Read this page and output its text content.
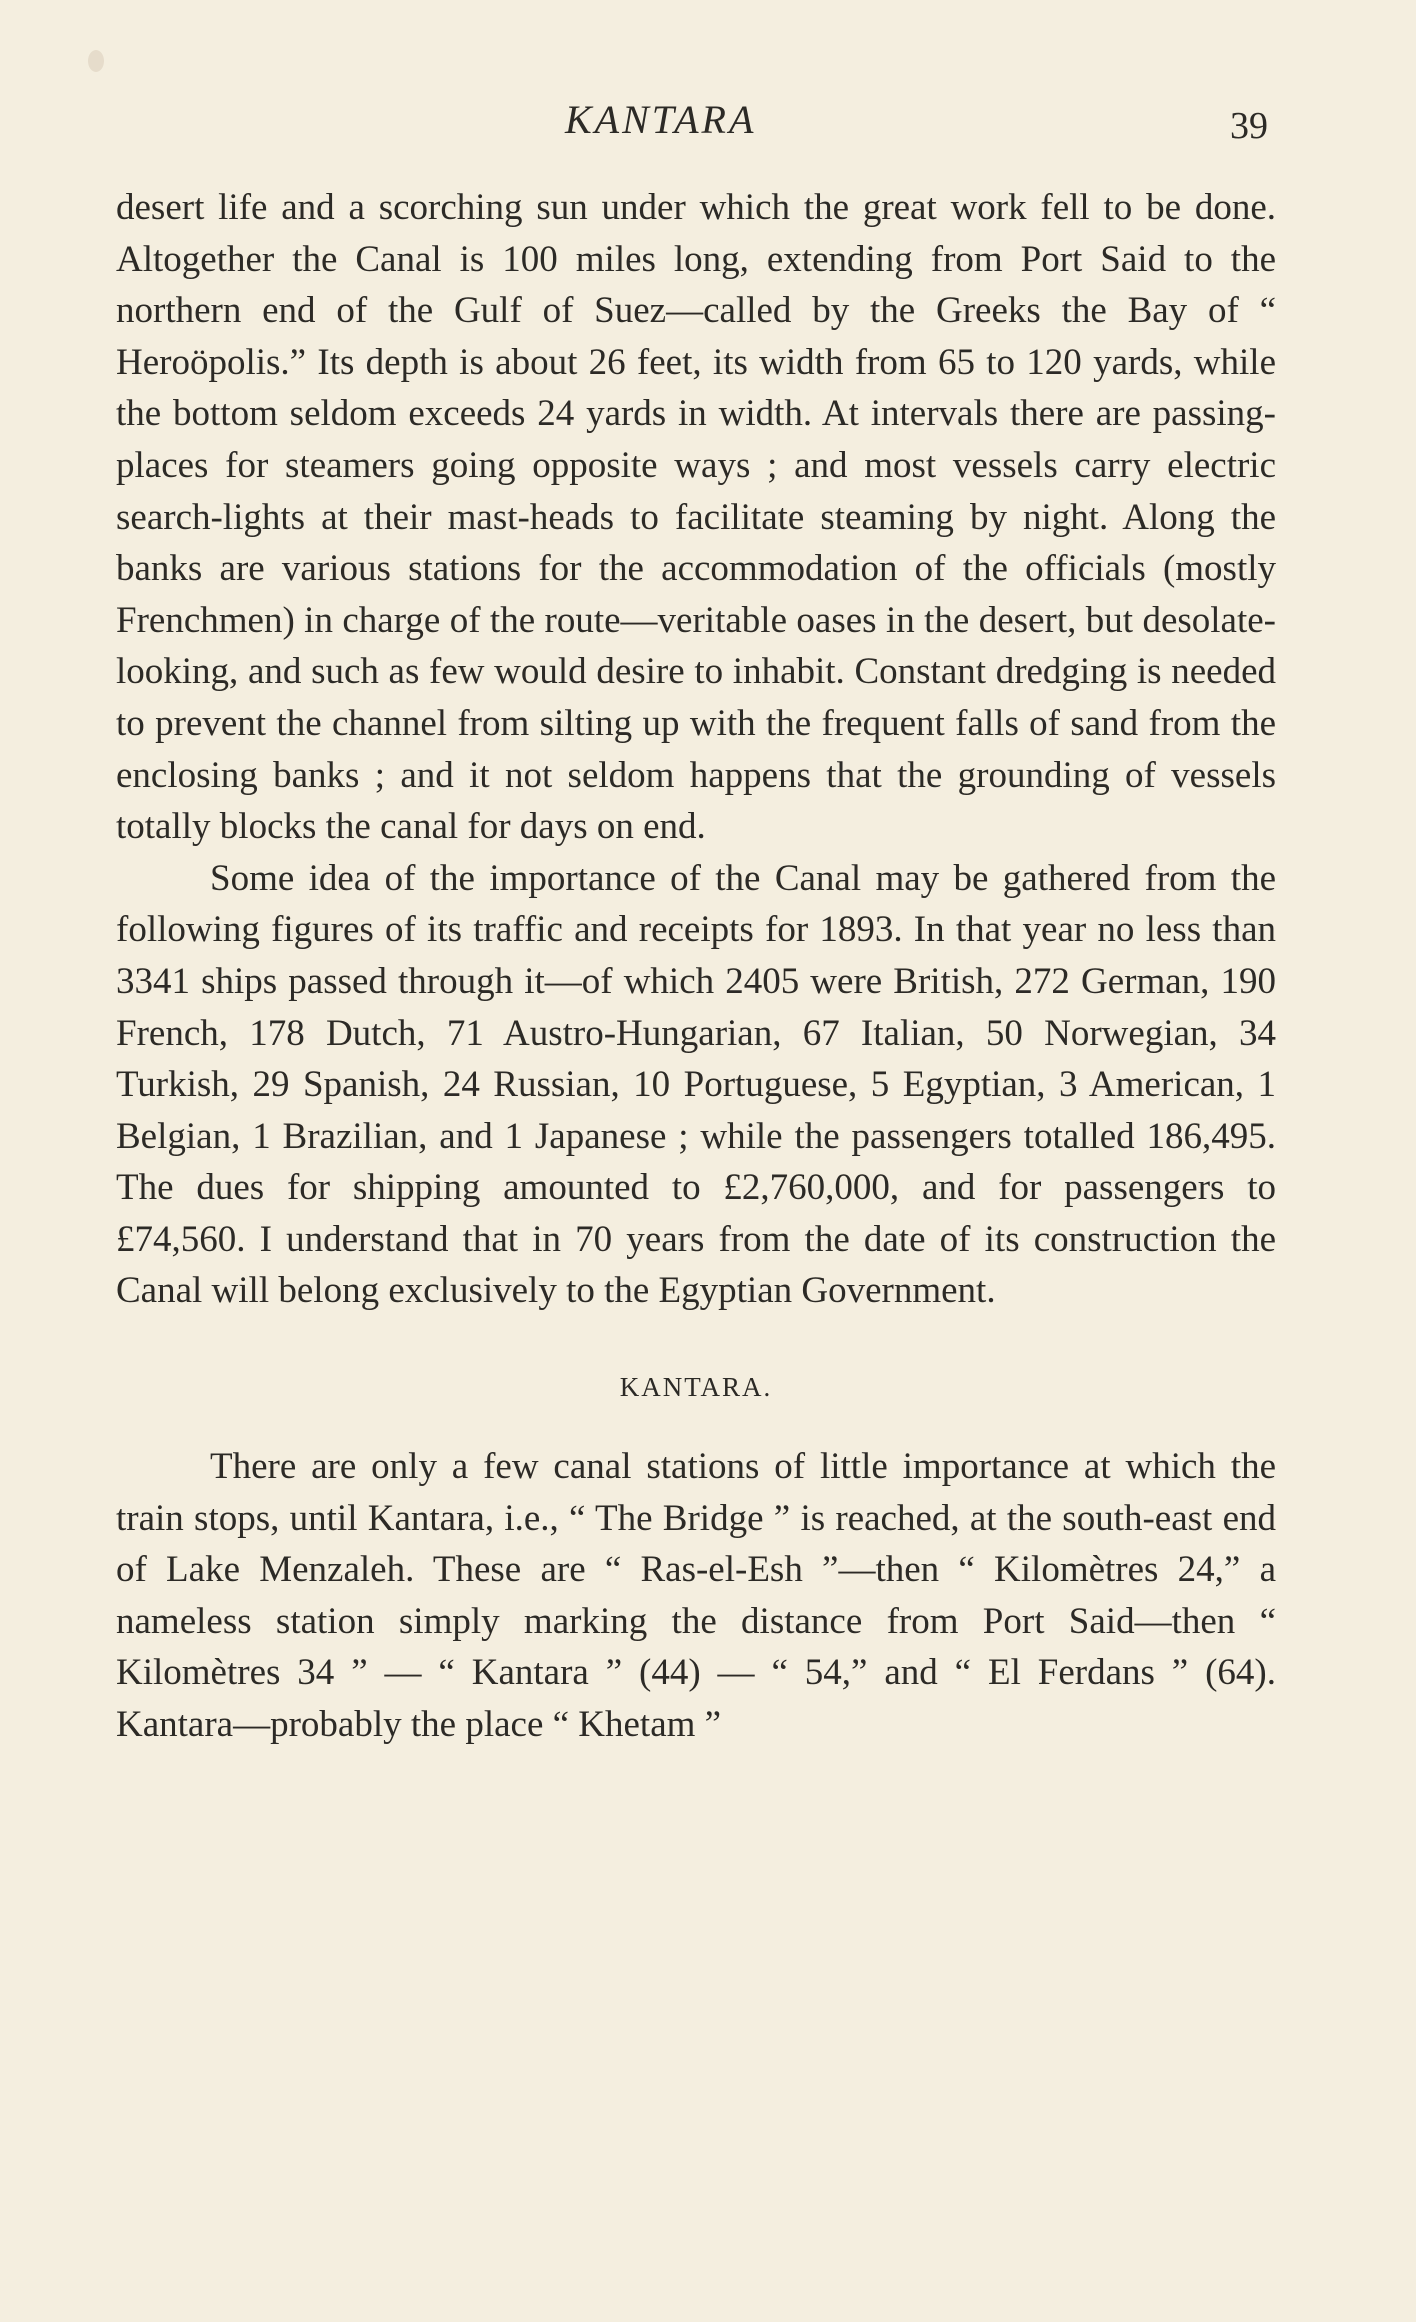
KANTARA	39

desert life and a scorching sun under which the great work fell to be done. Altogether the Canal is 100 miles long, extending from Port Said to the northern end of the Gulf of Suez—called by the Greeks the Bay of “ Heroöpolis.” Its depth is about 26 feet, its width from 65 to 120 yards, while the bottom seldom exceeds 24 yards in width. At intervals there are passing-places for steamers going opposite ways ; and most vessels carry electric search-lights at their mast-heads to facilitate steaming by night. Along the banks are various stations for the accommodation of the officials (mostly Frenchmen) in charge of the route—veritable oases in the desert, but desolate-looking, and such as few would desire to inhabit. Constant dredging is needed to prevent the channel from silting up with the frequent falls of sand from the enclosing banks ; and it not seldom happens that the grounding of vessels totally blocks the canal for days on end.

Some idea of the importance of the Canal may be gathered from the following figures of its traffic and receipts for 1893. In that year no less than 3341 ships passed through it—of which 2405 were British, 272 German, 190 French, 178 Dutch, 71 Austro-Hungarian, 67 Italian, 50 Norwegian, 34 Turkish, 29 Spanish, 24 Russian, 10 Portuguese, 5 Egyptian, 3 American, 1 Belgian, 1 Brazilian, and 1 Japanese ; while the passengers totalled 186,495. The dues for shipping amounted to £2,760,000, and for passengers to £74,560. I understand that in 70 years from the date of its construction the Canal will belong exclusively to the Egyptian Government.

KANTARA.

There are only a few canal stations of little importance at which the train stops, until Kantara, i.e., “ The Bridge ” is reached, at the south-east end of Lake Menzaleh. These are “ Ras-el-Esh ”—then “ Kilomètres 24,” a nameless station simply marking the distance from Port Said—then “ Kilomètres 34 ” — “ Kantara ” (44) — “ 54,” and “ El Ferdans ” (64). Kantara—probably the place “ Khetam ”
